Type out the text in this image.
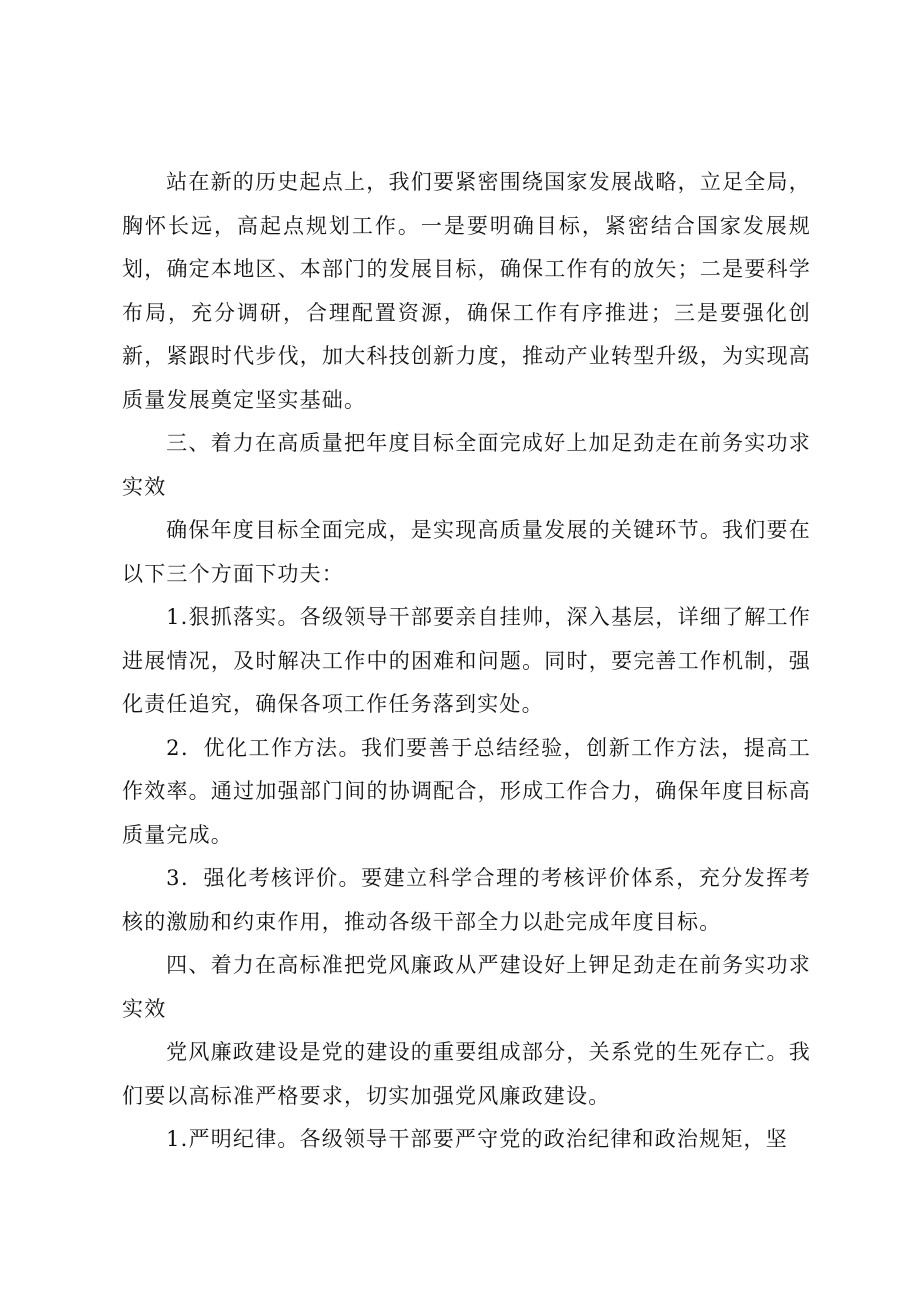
站在新的历史起点上，我们要紧密围绕国家发展战略，立足全局，胸怀长远，高起点规划工作。一是要明确目标，紧密结合国家发展规划，确定本地区、本部门的发展目标，确保工作有的放矢；二是要科学布局，充分调研，合理配置资源，确保工作有序推进；三是要强化创新，紧跟时代步伐，加大科技创新力度，推动产业转型升级，为实现高质量发展奠定坚实基础。

三、着力在高质量把年度目标全面完成好上加足劲走在前务实功求实效

确保年度目标全面完成，是实现高质量发展的关键环节。我们要在以下三个方面下功夫：

1.狠抓落实。各级领导干部要亲自挂帅，深入基层，详细了解工作进展情况，及时解决工作中的困难和问题。同时，要完善工作机制，强化责任追究，确保各项工作任务落到实处。

2．优化工作方法。我们要善于总结经验，创新工作方法，提高工作效率。通过加强部门间的协调配合，形成工作合力，确保年度目标高质量完成。

3．强化考核评价。要建立科学合理的考核评价体系，充分发挥考核的激励和约束作用，推动各级干部全力以赴完成年度目标。

四、着力在高标准把党风廉政从严建设好上钾足劲走在前务实功求实效

党风廉政建设是党的建设的重要组成部分，关系党的生死存亡。我们要以高标准严格要求，切实加强党风廉政建设。

1.严明纪律。各级领导干部要严守党的政治纪律和政治规矩，坚
